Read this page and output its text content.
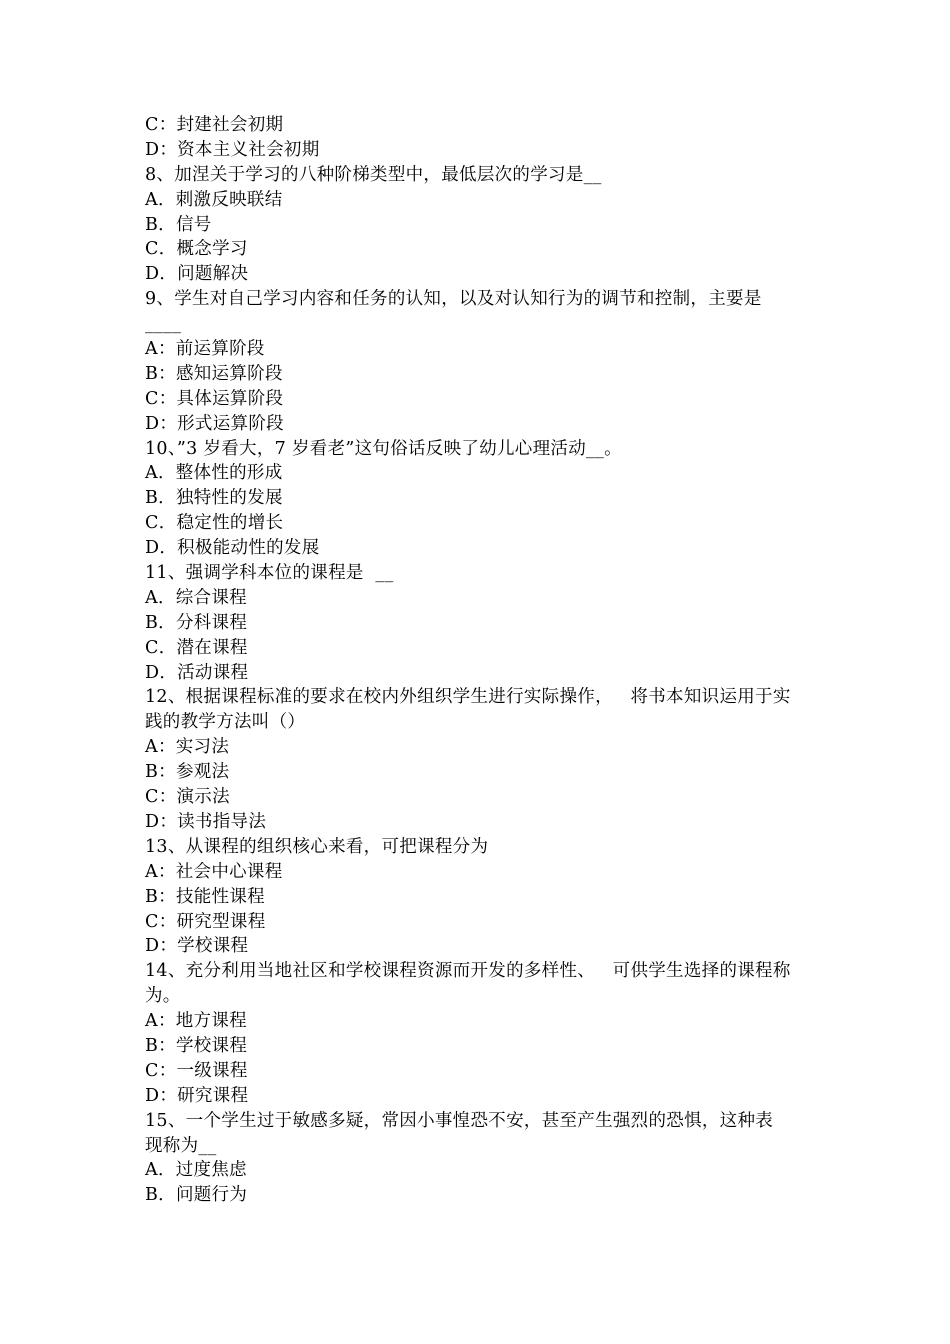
C：封建社会初期
D：资本主义社会初期
8、加涅关于学习的八种阶梯类型中，最低层次的学习是__
A．刺激反映联结
B．信号
C．概念学习
D．问题解决
9、学生对自己学习内容和任务的认知，以及对认知行为的调节和控制，主要是
____
A：前运算阶段
B：感知运算阶段
C：具体运算阶段
D：形式运算阶段
10、”3 岁看大，7 岁看老”这句俗话反映了幼儿心理活动__。
A．整体性的形成
B．独特性的发展
C．稳定性的增长
D．积极能动性的发展
11、强调学科本位的课程是  __
A．综合课程
B．分科课程
C．潜在课程
D．活动课程
12、根据课程标准的要求在校内外组织学生进行实际操作，   将书本知识运用于实
践的教学方法叫（）
A：实习法
B：参观法
C：演示法
D：读书指导法
13、从课程的组织核心来看，可把课程分为
A：社会中心课程
B：技能性课程
C：研究型课程
D：学校课程
14、充分利用当地社区和学校课程资源而开发的多样性、   可供学生选择的课程称
为。
A：地方课程
B：学校课程
C：一级课程
D：研究课程
15、一个学生过于敏感多疑，常因小事惶恐不安，甚至产生强烈的恐惧，这种表
现称为__
A．过度焦虑
B．问题行为
